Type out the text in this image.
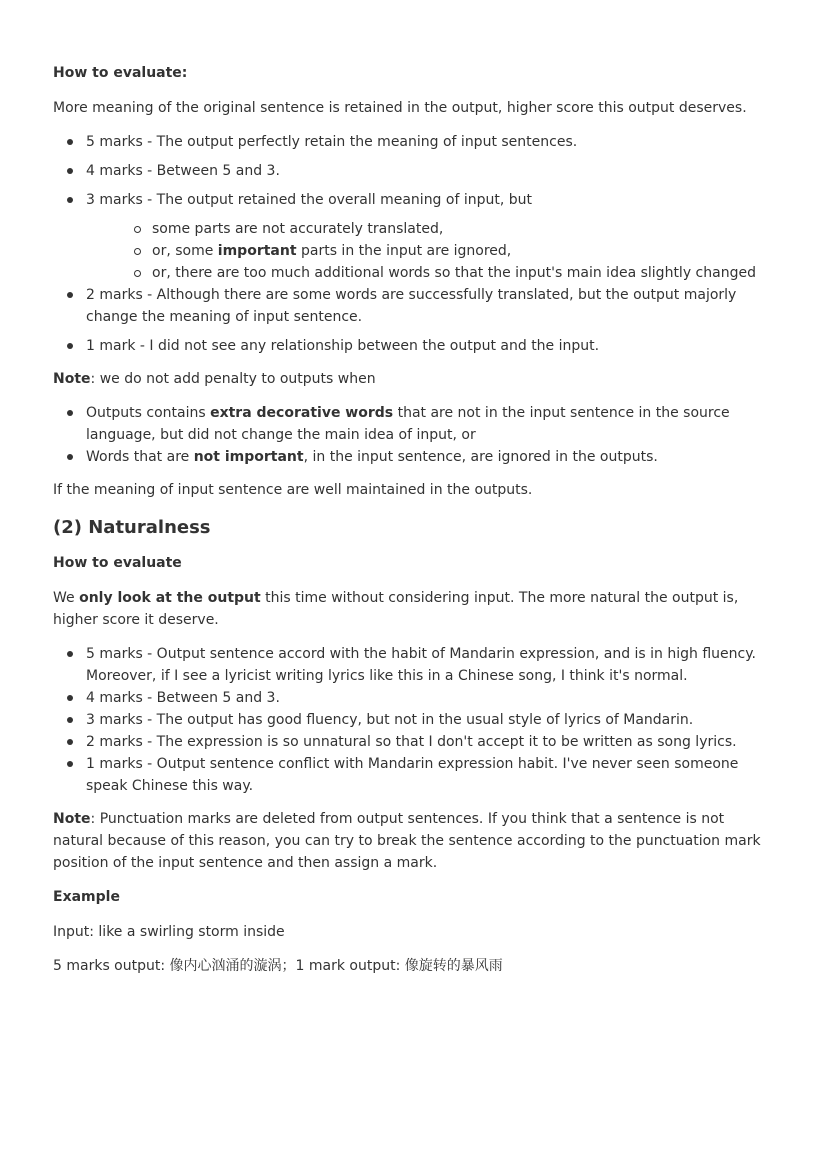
How to evaluate:
More meaning of the original sentence is retained in the output, higher score this output deserves.
5 marks - The output perfectly retain the meaning of input sentences.
4 marks - Between 5 and 3.
3 marks - The output retained the overall meaning of input, but
some parts are not accurately translated,
or, some important parts in the input are ignored,
or, there are too much additional words so that the input's main idea slightly changed
2 marks - Although there are some words are successfully translated, but the output majorly change the meaning of input sentence.
1 mark - I did not see any relationship between the output and the input.
Note: we do not add penalty to outputs when
Outputs contains extra decorative words that are not in the input sentence in the source language, but did not change the main idea of input, or
Words that are not important, in the input sentence, are ignored in the outputs.
If the meaning of input sentence are well maintained in the outputs.
(2) Naturalness
How to evaluate
We only look at the output this time without considering input. The more natural the output is, higher score it deserve.
5 marks - Output sentence accord with the habit of Mandarin expression, and is in high fluency. Moreover, if I see a lyricist writing lyrics like this in a Chinese song, I think it's normal.
4 marks - Between 5 and 3.
3 marks - The output has good fluency, but not in the usual style of lyrics of Mandarin.
2 marks - The expression is so unnatural so that I don't accept it to be written as song lyrics.
1 marks - Output sentence conflict with Mandarin expression habit. I've never seen someone speak Chinese this way.
Note: Punctuation marks are deleted from output sentences. If you think that a sentence is not natural because of this reason, you can try to break the sentence according to the punctuation mark position of the input sentence and then assign a mark.
Example
Input: like a swirling storm inside
5 marks output: 像内心汹涌的漩涡；1 mark output: 像旋转的暴风雨
